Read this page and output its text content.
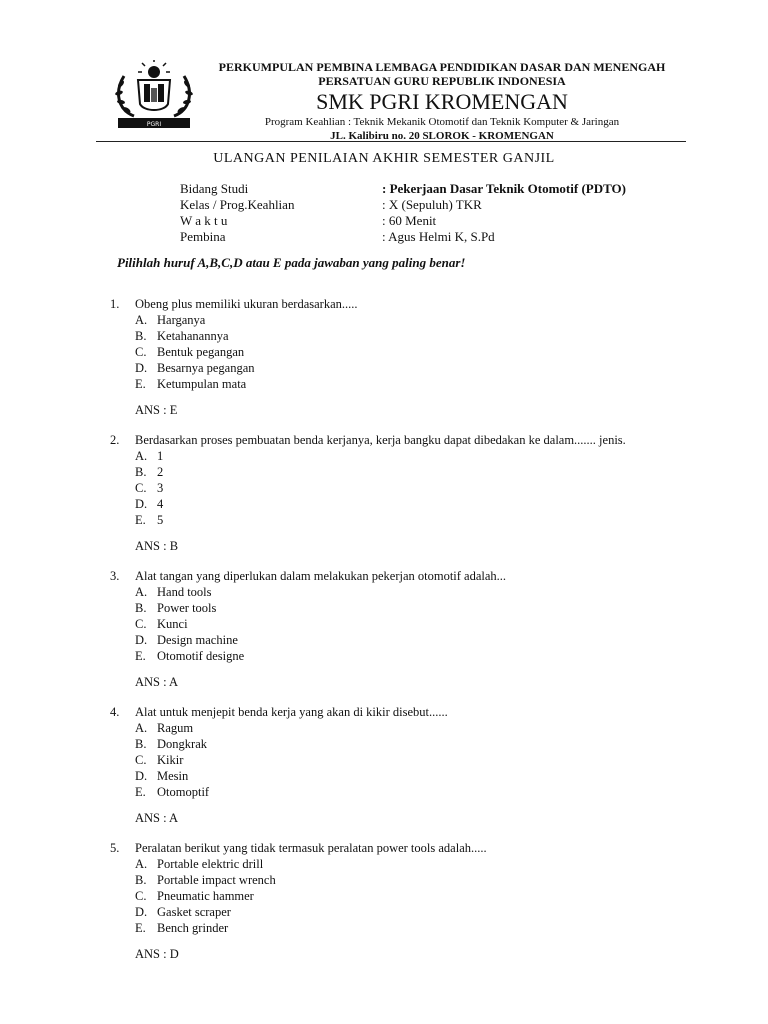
PGRI
PERKUMPULAN PEMBINA LEMBAGA PENDIDIKAN DASAR DAN MENENGAH
PERSATUAN GURU REPUBLIK INDONESIA
SMK PGRI KROMENGAN
Program Keahlian : Teknik Mekanik Otomotif dan Teknik Komputer & Jaringan
JL. Kalibiru no. 20 SLOROK - KROMENGAN
ULANGAN PENILAIAN AKHIR SEMESTER GANJIL
Bidang Studi	: Pekerjaan Dasar Teknik Otomotif (PDTO)
Kelas / Prog.Keahlian	: X (Sepuluh) TKR
W a k t u	: 60 Menit
Pembina	: Agus Helmi K, S.Pd
Pilihlah huruf A,B,C,D atau E pada jawaban yang paling benar!
1. Obeng plus memiliki ukuran berdasarkan.....
A. Harganya
B. Ketahanannya
C. Bentuk pegangan
D. Besarnya pegangan
E. Ketumpulan mata
ANS : E
2. Berdasarkan proses pembuatan benda kerjanya, kerja bangku dapat dibedakan ke dalam....... jenis.
A. 1
B. 2
C. 3
D. 4
E. 5
ANS : B
3. Alat tangan yang diperlukan dalam melakukan pekerjan otomotif adalah...
A. Hand tools
B. Power tools
C. Kunci
D. Design machine
E. Otomotif designe
ANS : A
4. Alat untuk menjepit benda kerja yang akan di kikir disebut......
A. Ragum
B. Dongkrak
C. Kikir
D. Mesin
E. Otomoptif
ANS : A
5. Peralatan berikut yang tidak termasuk peralatan power tools adalah.....
A. Portable elektric drill
B. Portable impact wrench
C. Pneumatic hammer
D. Gasket scraper
E. Bench grinder
ANS : D
